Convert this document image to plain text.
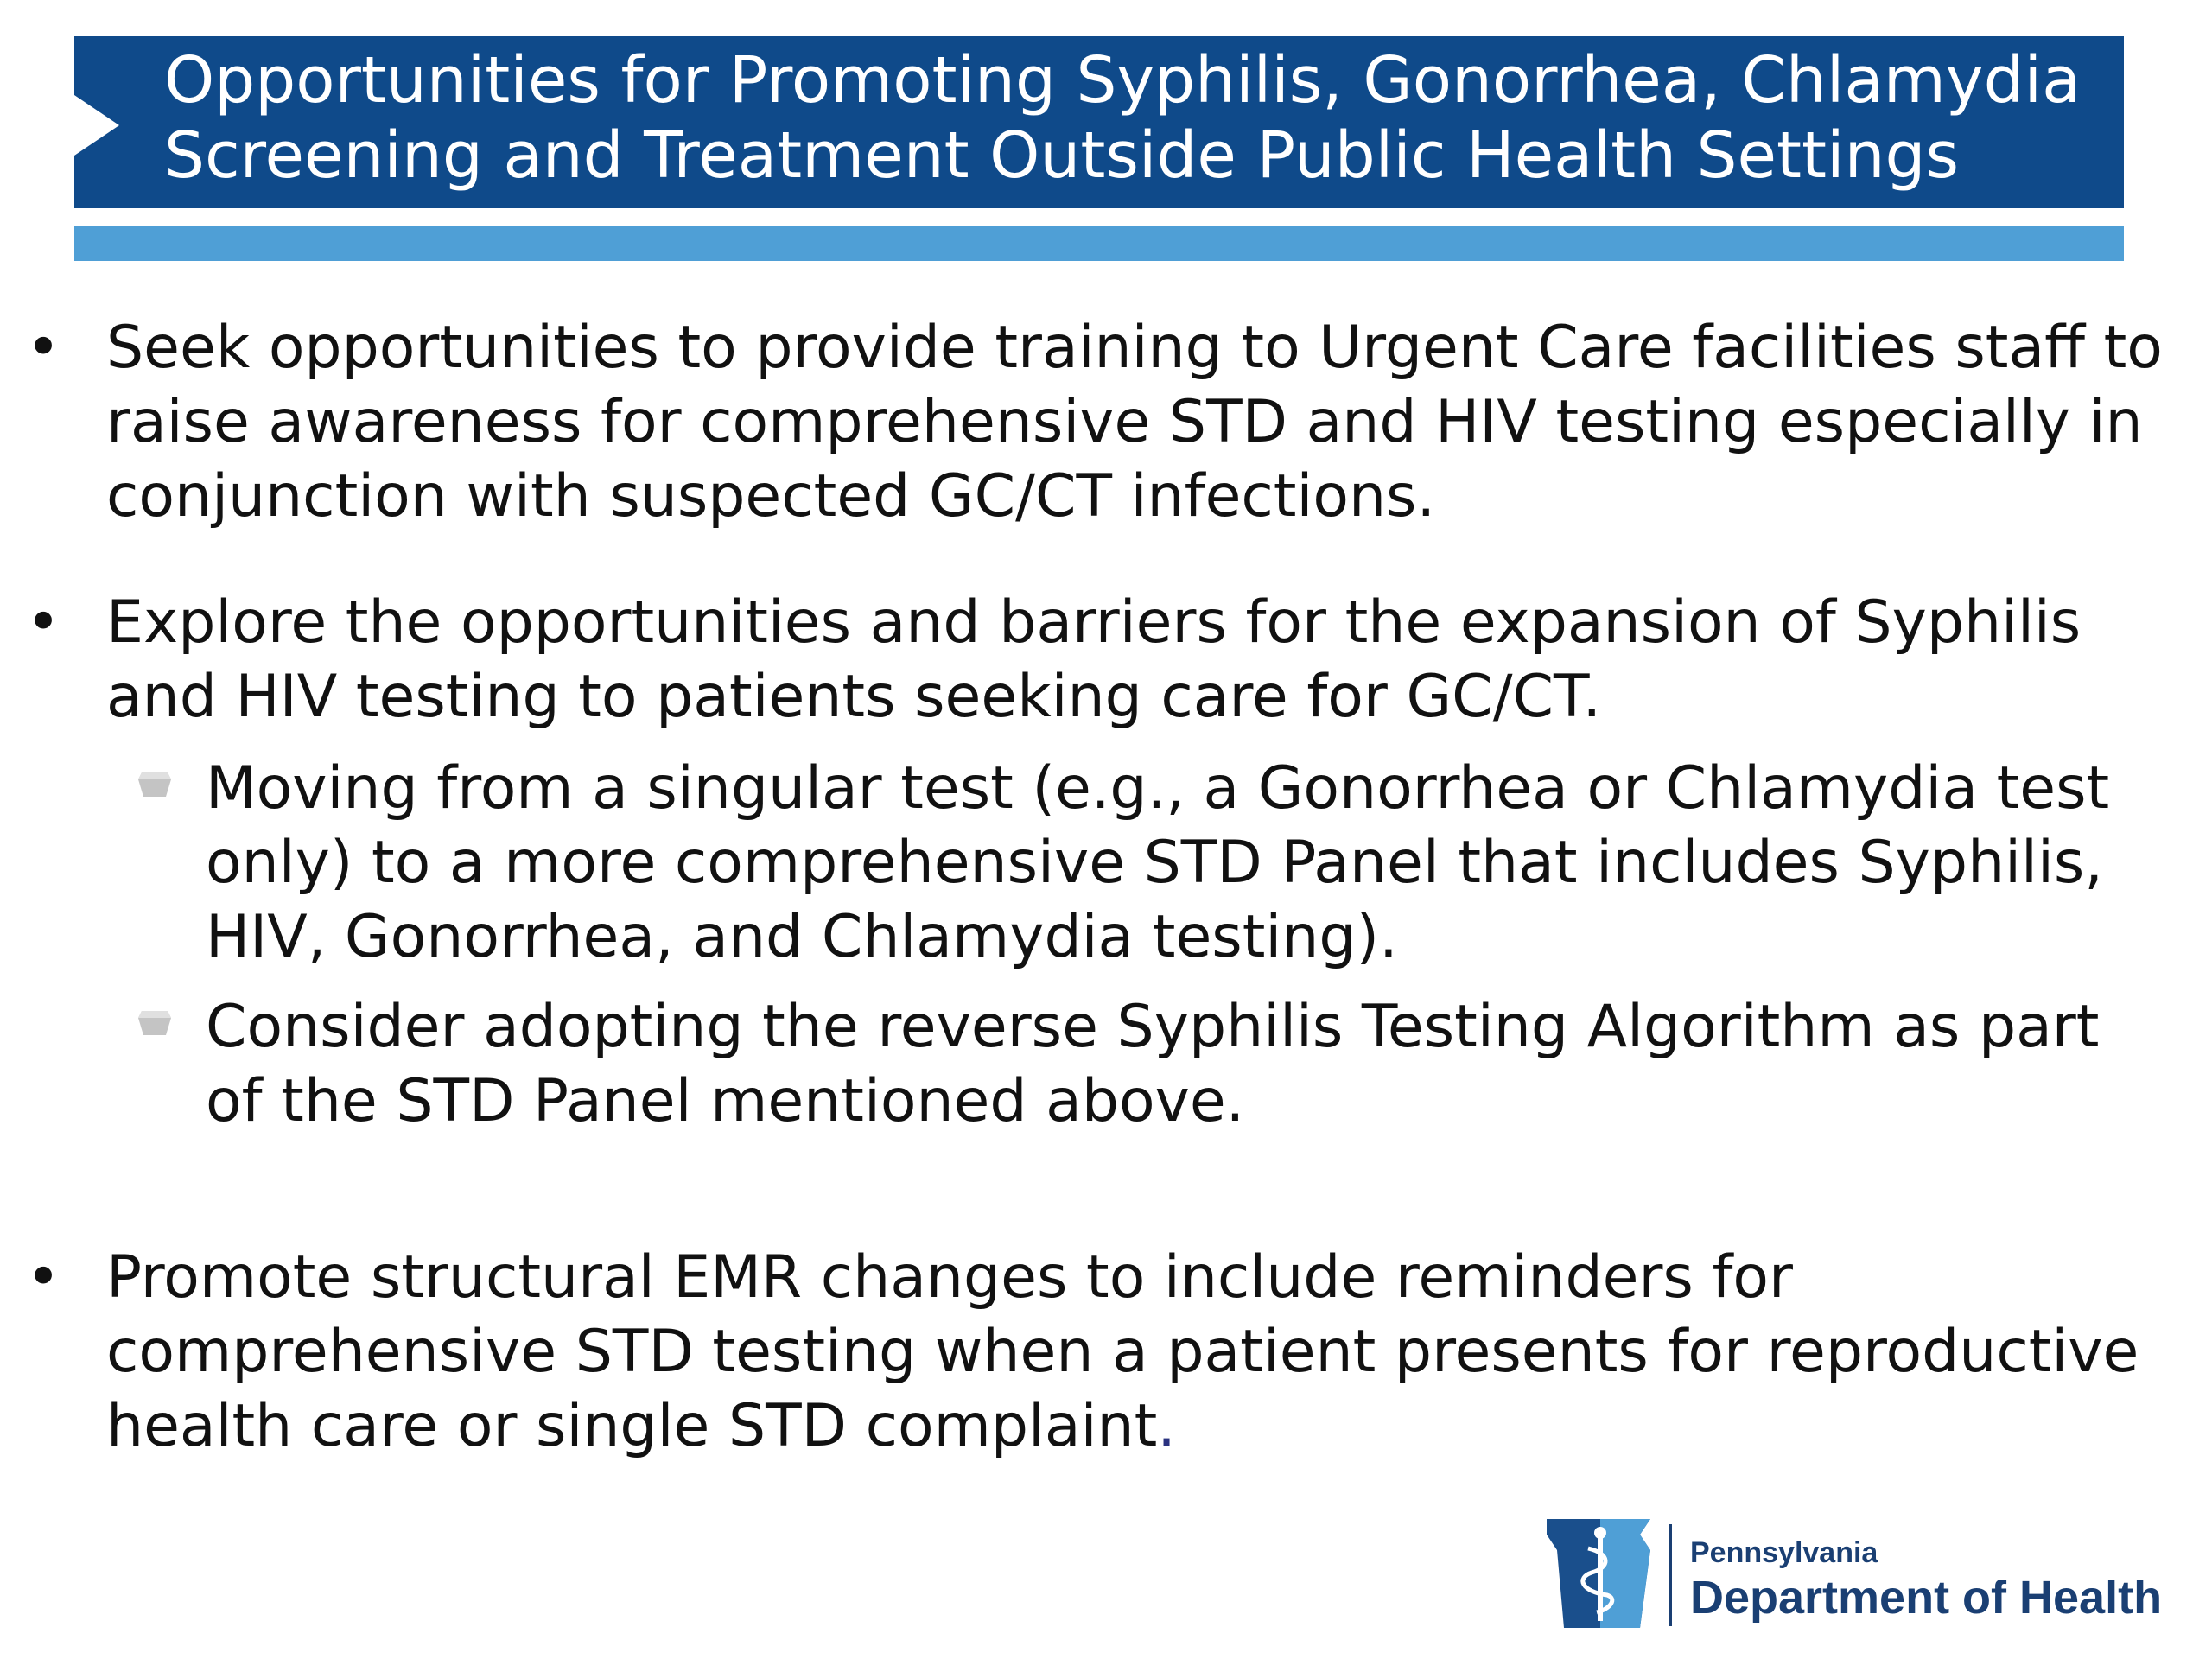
Opportunities for Promoting Syphilis, Gonorrhea, Chlamydia
Screening and Treatment Outside Public Health Settings
• Seek opportunities to provide training to Urgent Care facilities staff to raise awareness for comprehensive STD and HIV testing especially in conjunction with suspected GC/CT infections.
• Explore the opportunities and barriers for the expansion of Syphilis and HIV testing to patients seeking care for GC/CT.
Moving from a singular test (e.g., a Gonorrhea or Chlamydia test only) to a more comprehensive STD Panel that includes Syphilis, HIV, Gonorrhea, and Chlamydia testing).
Consider adopting the reverse Syphilis Testing Algorithm as part of the STD Panel mentioned above.
• Promote structural EMR changes to include reminders for comprehensive STD testing when a patient presents for reproductive health care or single STD complaint.
Pennsylvania
Department of Health
